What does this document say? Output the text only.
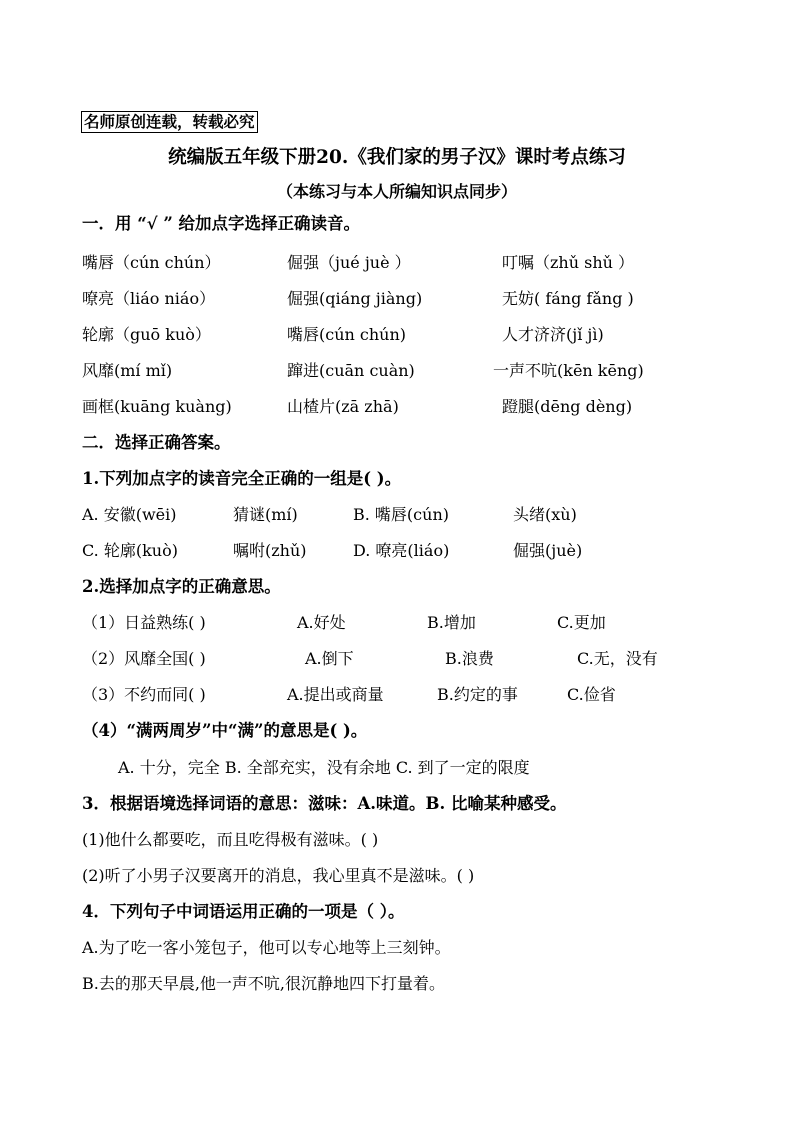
名师原创连载，转载必究
统编版五年级下册20.《我们家的男子汉》课时考点练习
（本练习与本人所编知识点同步）
一．用 “√ ” 给加点字选择正确读音。
嘴唇（cún chún）	倔强（jué juè ）	叮嘱（zhǔ shǔ ）
嘹亮（liáo niáo）	倔强(qiáng jiàng)	无妨( fáng fǎng )
轮廓（guō kuò）	嘴唇(cún chún)	人才济济(jǐ jì)
风靡(mí mǐ)	蹿进(cuān cuàn)	一声不吭(kēn kēng)
画框(kuāng kuàng)	山楂片(zā zhā)	蹬腿(dēng dèng)
二．选择正确答案。
1.下列加点字的读音完全正确的一组是( )。
A. 安徽(wēi)	猜谜(mí)	B. 嘴唇(cún)	头绪(xù)
C. 轮廓(kuò)	嘱咐(zhǔ)	D. 嘹亮(liáo)	倔强(juè)
2.选择加点字的正确意思。
（1）日益熟练( )	A.好处	B.增加	C.更加
（2）风靡全国( )	A.倒下	B.浪费	C.无，没有
（3）不约而同( )	A.提出或商量	B.约定的事	C.俭省
（4）“满两周岁”中“满”的意思是( )。
A. 十分，完全 B. 全部充实，没有余地 C. 到了一定的限度
3．根据语境选择词语的意思：滋味：A.味道。B. 比喻某种感受。
(1)他什么都要吃，而且吃得极有滋味。( )
(2)听了小男子汉要离开的消息，我心里真不是滋味。( )
4．下列句子中词语运用正确的一项是（ ）。
A.为了吃一客小笼包子，他可以专心地等上三刻钟。
B.去的那天早晨,他一声不吭,很沉静地四下打量着。
